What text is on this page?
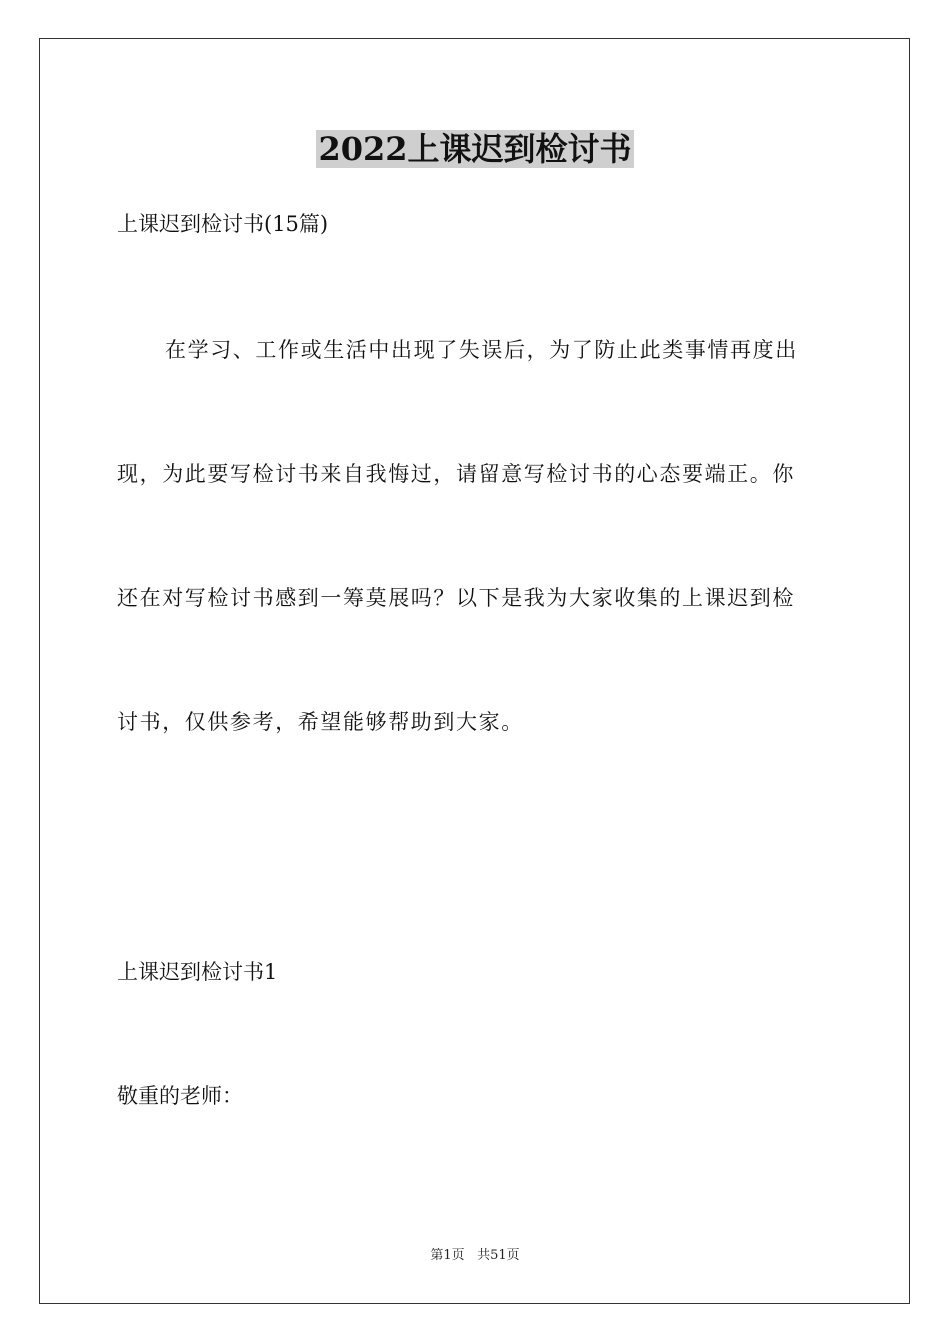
2022上课迟到检讨书
上课迟到检讨书(15篇)
在学习、工作或生活中出现了失误后，为了防止此类事情再度出
现，为此要写检讨书来自我悔过，请留意写检讨书的心态要端正。你
还在对写检讨书感到一筹莫展吗？以下是我为大家收集的上课迟到检
讨书，仅供参考，希望能够帮助到大家。
上课迟到检讨书1
敬重的老师：
第1页 共51页
